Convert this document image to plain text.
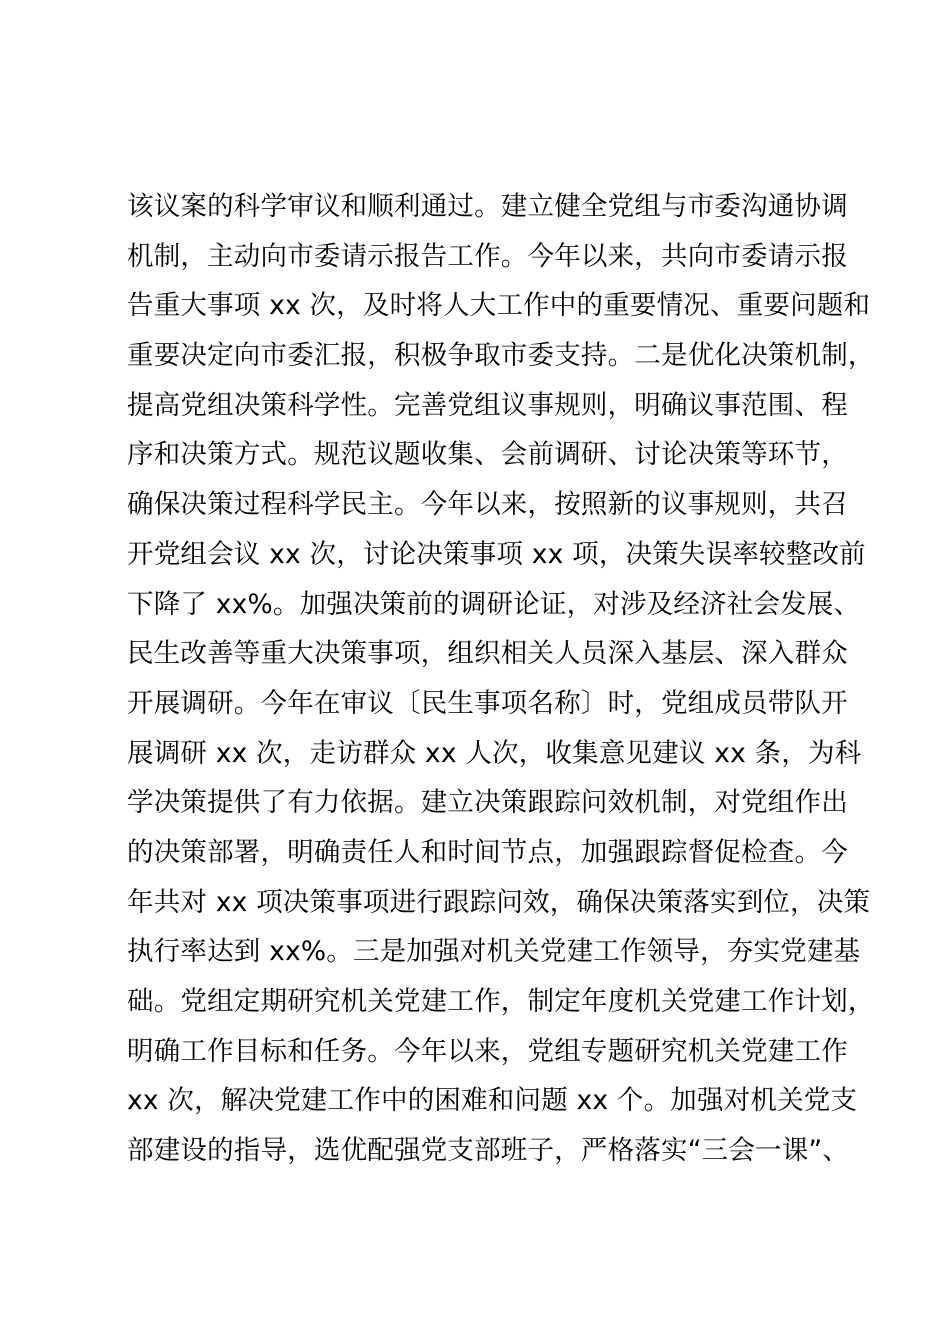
该议案的科学审议和顺利通过。建立健全党组与市委沟通协调
机制，主动向市委请示报告工作。今年以来，共向市委请示报
告重大事项 xx 次，及时将人大工作中的重要情况、重要问题和
重要决定向市委汇报，积极争取市委支持。二是优化决策机制，
提高党组决策科学性。完善党组议事规则，明确议事范围、程
序和决策方式。规范议题收集、会前调研、讨论决策等环节，
确保决策过程科学民主。今年以来，按照新的议事规则，共召
开党组会议 xx 次，讨论决策事项 xx 项，决策失误率较整改前
下降了 xx%。加强决策前的调研论证，对涉及经济社会发展、
民生改善等重大决策事项，组织相关人员深入基层、深入群众
开展调研。今年在审议〔民生事项名称〕时，党组成员带队开
展调研 xx 次，走访群众 xx 人次，收集意见建议 xx 条，为科
学决策提供了有力依据。建立决策跟踪问效机制，对党组作出
的决策部署，明确责任人和时间节点，加强跟踪督促检查。今
年共对 xx 项决策事项进行跟踪问效，确保决策落实到位，决策
执行率达到 xx%。三是加强对机关党建工作领导，夯实党建基
础。党组定期研究机关党建工作，制定年度机关党建工作计划，
明确工作目标和任务。今年以来，党组专题研究机关党建工作
xx 次，解决党建工作中的困难和问题 xx 个。加强对机关党支
部建设的指导，选优配强党支部班子，严格落实“三会一课”、
